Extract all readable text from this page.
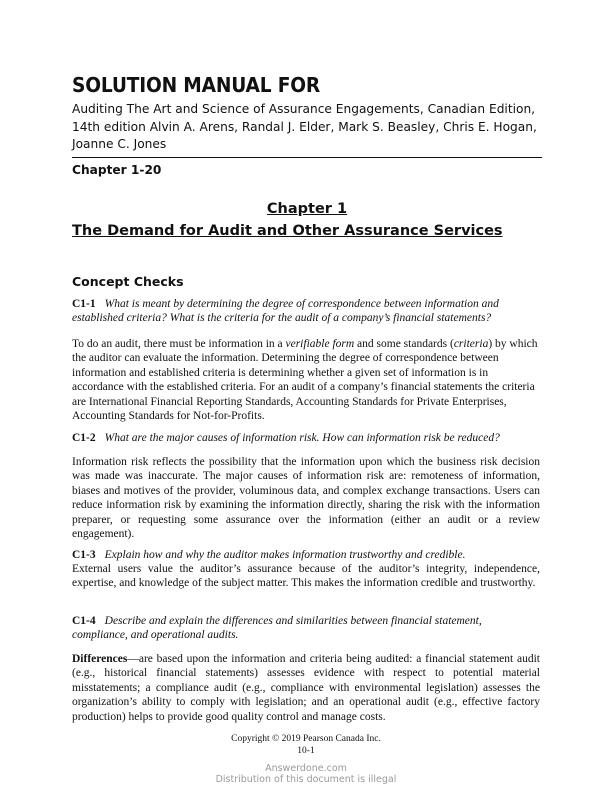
SOLUTION MANUAL FOR

Auditing The Art and Science of Assurance Engagements, Canadian Edition, 14th edition Alvin A. Arens, Randal J. Elder, Mark S. Beasley, Chris E. Hogan, Joanne C. Jones

Chapter 1-20

Chapter 1
The Demand for Audit and Other Assurance Services
Concept Checks

C1-1 What is meant by determining the degree of correspondence between information and established criteria? What is the criteria for the audit of a company’s financial statements?

To do an audit, there must be information in a verifiable form and some standards (criteria) by which the auditor can evaluate the information. Determining the degree of correspondence between information and established criteria is determining whether a given set of information is in accordance with the established criteria. For an audit of a company’s financial statements the criteria are International Financial Reporting Standards, Accounting Standards for Private Enterprises, Accounting Standards for Not-for-Profits.

C1-2 What are the major causes of information risk. How can information risk be reduced?

Information risk reflects the possibility that the information upon which the business risk decision was made was inaccurate. The major causes of information risk are: remoteness of information, biases and motives of the provider, voluminous data, and complex exchange transactions. Users can reduce information risk by examining the information directly, sharing the risk with the information preparer, or requesting some assurance over the information (either an audit or a review engagement).

C1-3 Explain how and why the auditor makes information trustworthy and credible.

External users value the auditor’s assurance because of the auditor’s integrity, independence, expertise, and knowledge of the subject matter. This makes the information credible and trustworthy.

C1-4 Describe and explain the differences and similarities between financial statement, compliance, and operational audits.

Differences—are based upon the information and criteria being audited: a financial statement audit (e.g., historical financial statements) assesses evidence with respect to potential material misstatements; a compliance audit (e.g., compliance with environmental legislation) assesses the organization’s ability to comply with legislation; and an operational audit (e.g., effective factory production) helps to provide good quality control and manage costs.

Copyright © 2019 Pearson Canada Inc.
10-1
Answerdone.com
Distribution of this document is illegal
